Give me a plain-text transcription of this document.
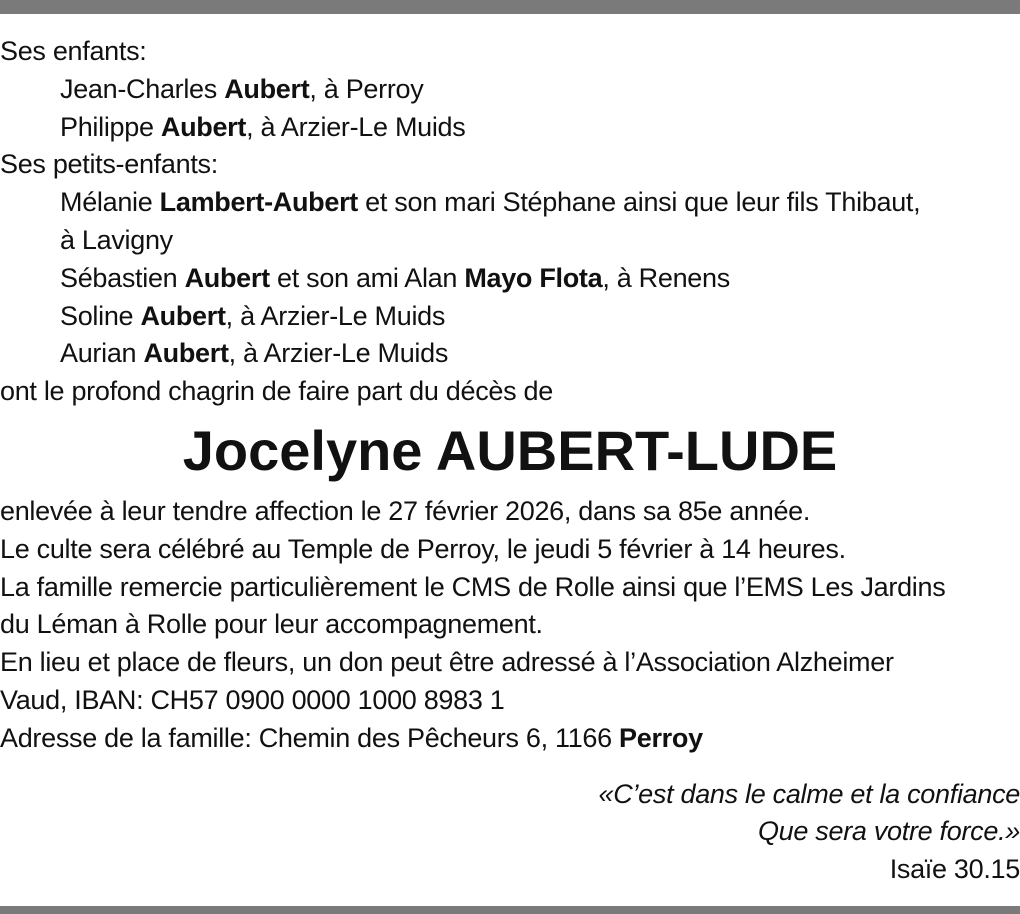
Ses enfants:
Jean-Charles Aubert, à Perroy
Philippe Aubert, à Arzier-Le Muids
Ses petits-enfants:
Mélanie Lambert-Aubert et son mari Stéphane ainsi que leur fils Thibaut,
à Lavigny
Sébastien Aubert et son ami Alan Mayo Flota, à Renens
Soline Aubert, à Arzier-Le Muids
Aurian Aubert, à Arzier-Le Muids
ont le profond chagrin de faire part du décès de
Jocelyne AUBERT-LUDE
enlevée à leur tendre affection le 27 février 2026, dans sa 85e année.
Le culte sera célébré au Temple de Perroy, le jeudi 5 février à 14 heures.
La famille remercie particulièrement le CMS de Rolle ainsi que l’EMS Les Jardins
du Léman à Rolle pour leur accompagnement.
En lieu et place de fleurs, un don peut être adressé à l’Association Alzheimer
Vaud, IBAN: CH57 0900 0000 1000 8983 1
Adresse de la famille: Chemin des Pêcheurs 6, 1166 Perroy
«C’est dans le calme et la confiance
Que sera votre force.»
Isaïe 30.15
